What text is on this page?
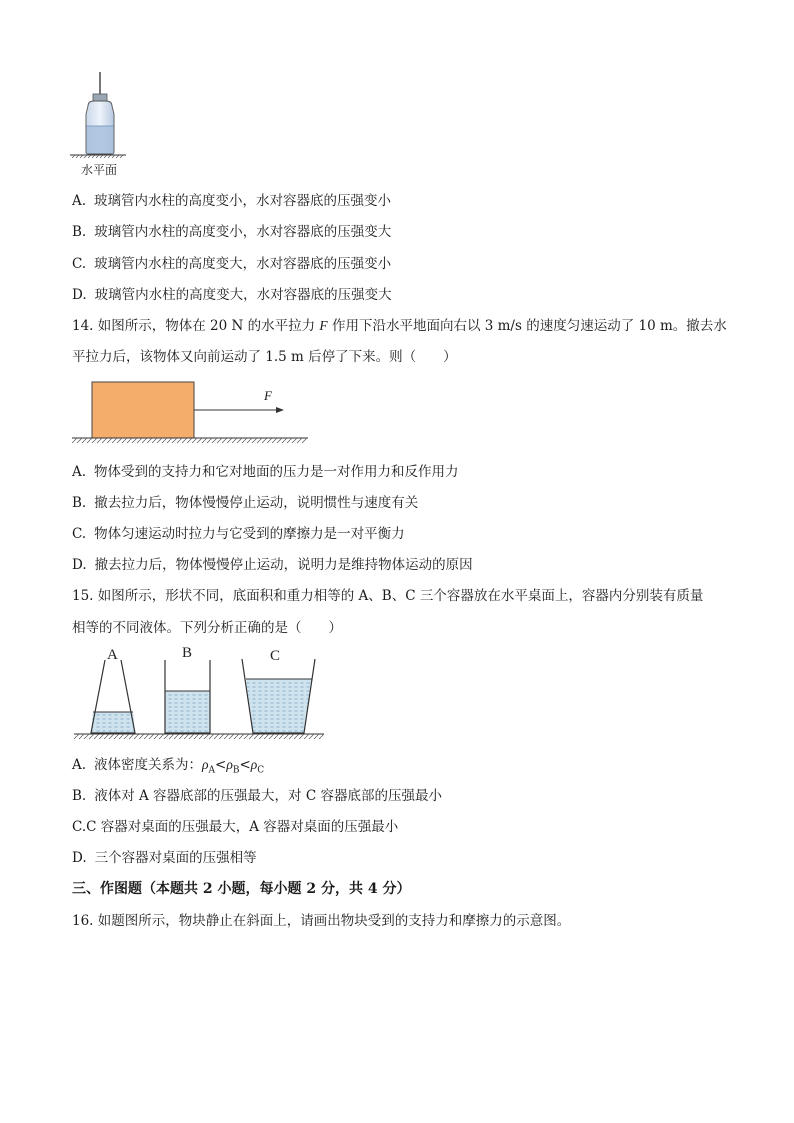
水平面
A. 玻璃管内水柱的高度变小，水对容器底的压强变小
B. 玻璃管内水柱的高度变小，水对容器底的压强变大
C. 玻璃管内水柱的高度变大，水对容器底的压强变小
D. 玻璃管内水柱的高度变大，水对容器底的压强变大
14. 如图所示，物体在 20 N 的水平拉力 F 作用下沿水平地面向右以 3 m/s 的速度匀速运动了 10 m。撤去水
平拉力后，该物体又向前运动了 1.5 m 后停了下来。则（　　）
F
A. 物体受到的支持力和它对地面的压力是一对作用力和反作用力
B. 撤去拉力后，物体慢慢停止运动，说明惯性与速度有关
C. 物体匀速运动时拉力与它受到的摩擦力是一对平衡力
D. 撤去拉力后，物体慢慢停止运动，说明力是维持物体运动的原因
15. 如图所示，形状不同，底面积和重力相等的 A、B、C 三个容器放在水平桌面上，容器内分别装有质量
相等的不同液体。下列分析正确的是（　　）
A	B	C
A. 液体密度关系为：$\rho_A<\rho_B<\rho_C$
B. 液体对 A 容器底部的压强最大，对 C 容器底部的压强最小
C.C 容器对桌面的压强最大，A 容器对桌面的压强最小
D. 三个容器对桌面的压强相等
三、作图题（本题共 2 小题，每小题 2 分，共 4 分）
16. 如题图所示，物块静止在斜面上，请画出物块受到的支持力和摩擦力的示意图。
